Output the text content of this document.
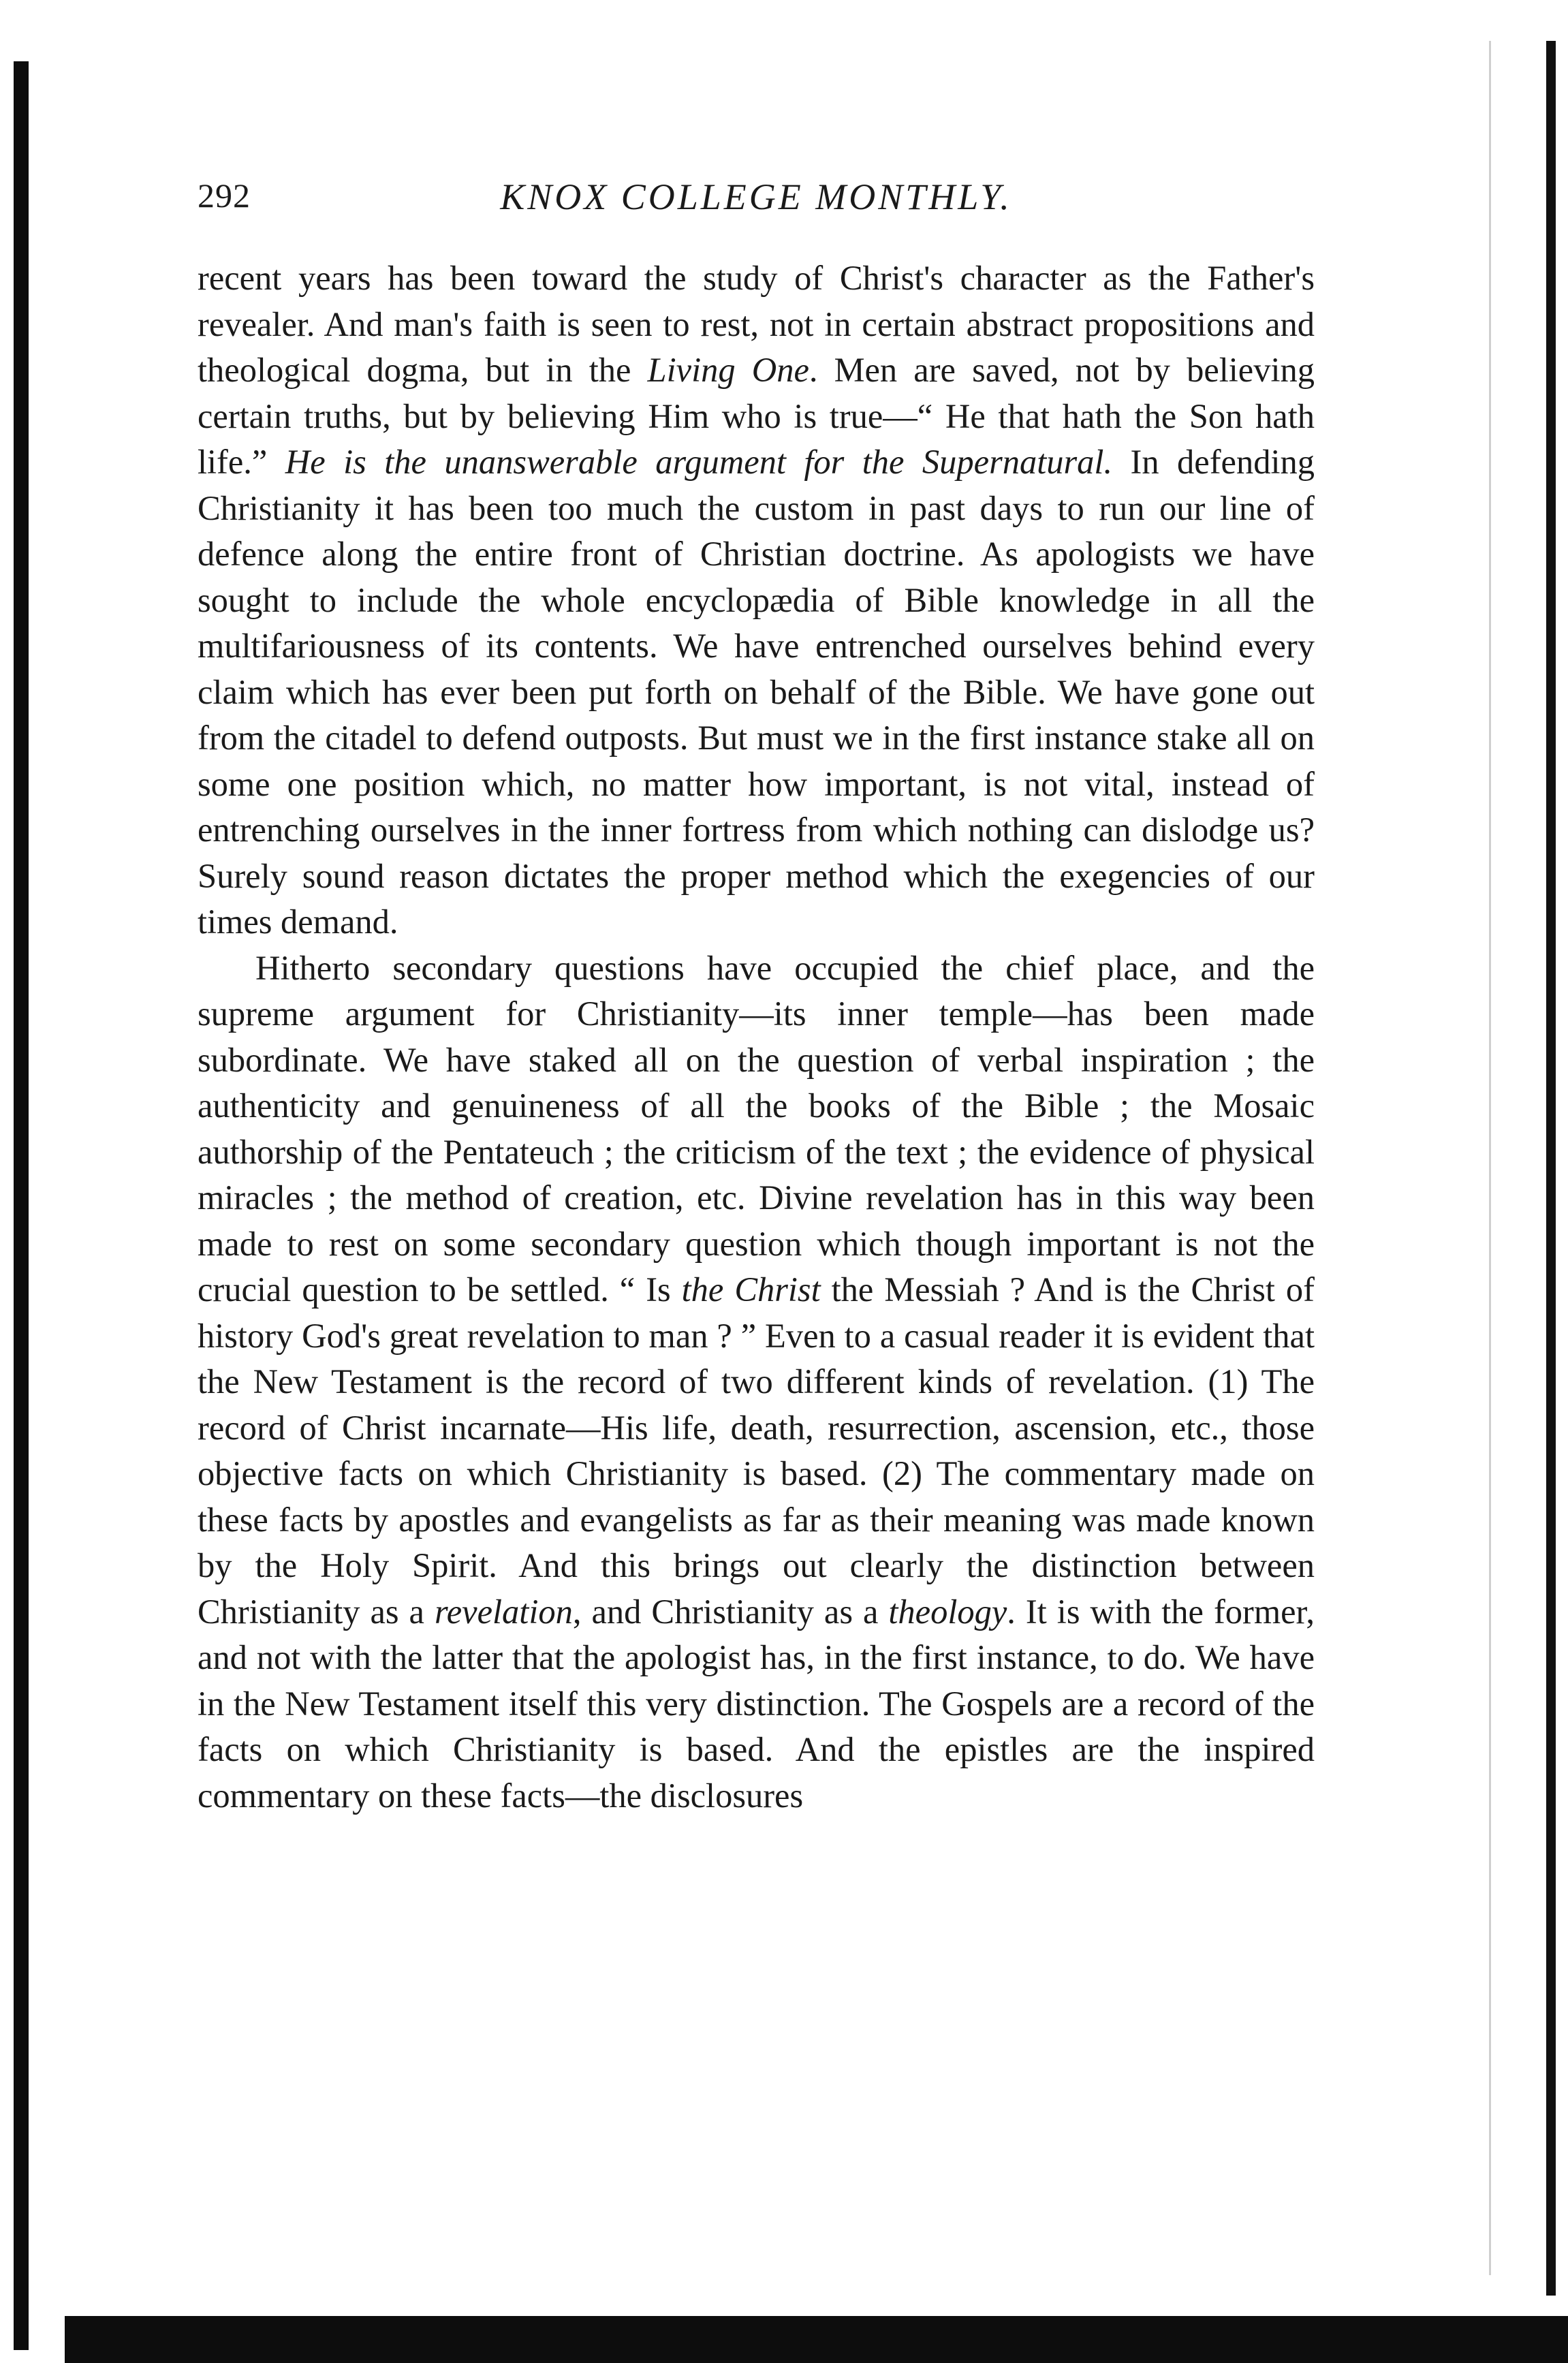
292	KNOX COLLEGE MONTHLY.

recent years has been toward the study of Christ's character as the Father's revealer. And man's faith is seen to rest, not in certain abstract propositions and theological dogma, but in the Living One. Men are saved, not by believing certain truths, but by believing Him who is true—“ He that hath the Son hath life.” He is the unanswerable argument for the Supernatural. In defending Christianity it has been too much the custom in past days to run our line of defence along the entire front of Christian doctrine. As apologists we have sought to include the whole encyclopædia of Bible knowledge in all the multifariousness of its contents. We have entrenched ourselves behind every claim which has ever been put forth on behalf of the Bible. We have gone out from the citadel to defend outposts. But must we in the first instance stake all on some one position which, no matter how important, is not vital, instead of entrenching ourselves in the inner fortress from which nothing can dislodge us? Surely sound reason dictates the proper method which the exegencies of our times demand.

Hitherto secondary questions have occupied the chief place, and the supreme argument for Christianity—its inner temple—has been made subordinate. We have staked all on the question of verbal inspiration ; the authenticity and genuineness of all the books of the Bible ; the Mosaic authorship of the Pentateuch ; the criticism of the text ; the evidence of physical miracles ; the method of creation, etc. Divine revelation has in this way been made to rest on some secondary question which though important is not the crucial question to be settled. “ Is the Christ the Messiah ? And is the Christ of history God's great revelation to man ? ” Even to a casual reader it is evident that the New Testament is the record of two different kinds of revelation. (1) The record of Christ incarnate—His life, death, resurrection, ascension, etc., those objective facts on which Christianity is based. (2) The commentary made on these facts by apostles and evangelists as far as their meaning was made known by the Holy Spirit. And this brings out clearly the distinction between Christianity as a revelation, and Christianity as a theology. It is with the former, and not with the latter that the apologist has, in the first instance, to do. We have in the New Testament itself this very distinction. The Gospels are a record of the facts on which Christianity is based. And the epistles are the inspired commentary on these facts—the disclosures
